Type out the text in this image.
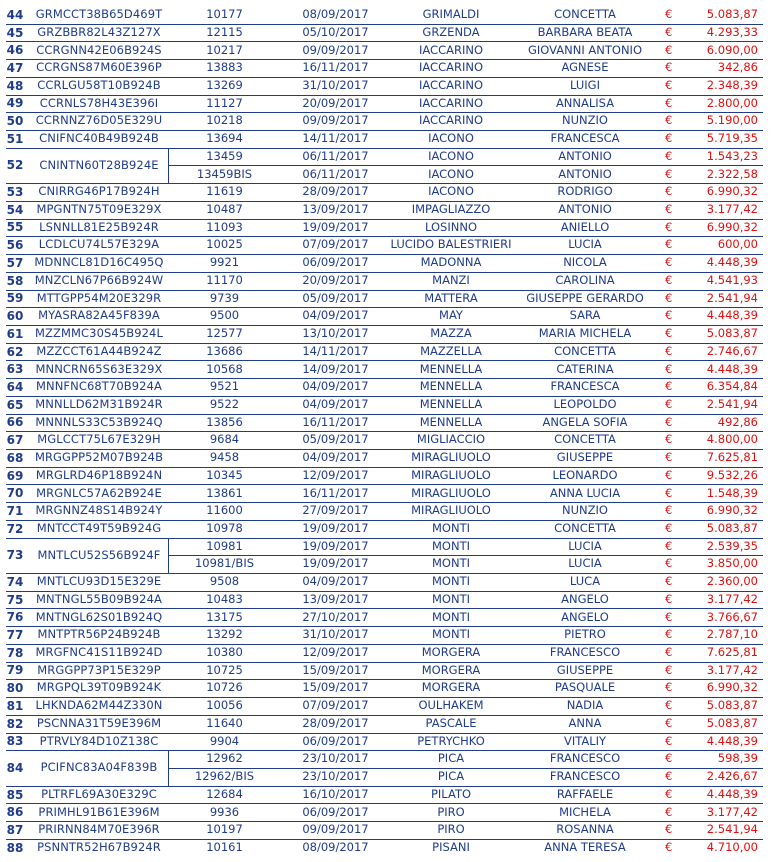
44	GRMCCT38B65D469T	10177	08/09/2017	GRIMALDI	CONCETTA	€	5.083,87
45	GRZBBR82L43Z127X	12115	05/10/2017	GRZENDA	BARBARA BEATA	€	4.293,33
46	CCRGNN42E06B924S	10217	09/09/2017	IACCARINO	GIOVANNI ANTONIO	€	6.090,00
47	CCRGNS87M60E396P	13883	16/11/2017	IACCARINO	AGNESE	€	342,86
48	CCRLGU58T10B924B	13269	31/10/2017	IACCARINO	LUIGI	€	2.348,39
49	CCRNLS78H43E396I	11127	20/09/2017	IACCARINO	ANNALISA	€	2.800,00
50	CCRNNZ76D05E329U	10218	09/09/2017	IACCARINO	NUNZIO	€	5.190,00
51	CNIFNC40B49B924B	13694	14/11/2017	IACONO	FRANCESCA	€	5.719,35
52	CNINTN60T28B924E
13459	06/11/2017	IACONO	ANTONIO	€	1.543,23
13459BIS	06/11/2017	IACONO	ANTONIO	€	2.322,58
53	CNIRRG46P17B924H	11619	28/09/2017	IACONO	RODRIGO	€	6.990,32
54	MPGNTN75T09E329X	10487	13/09/2017	IMPAGLIAZZO	ANTONIO	€	3.177,42
55	LSNNLL81E25B924R	11093	19/09/2017	LOSINNO	ANIELLO	€	6.990,32
56	LCDLCU74L57E329A	10025	07/09/2017	LUCIDO BALESTRIERI	LUCIA	€	600,00
57 MDNNCL81D16C495Q	9921	06/09/2017	MADONNA	NICOLA	€	4.448,39
58 MNZCLN67P66B924W	11170	20/09/2017	MANZI	CAROLINA	€	4.541,93
59	MTTGPP54M20E329R	9739	05/09/2017	MATTERA	GIUSEPPE GERARDO	€	2.541,94
60	MYASRA82A45F839A	9500	04/09/2017	MAY	SARA	€	4.448,39
61	MZZMMC30S45B924L	12577	13/10/2017	MAZZA	MARIA MICHELA	€	5.083,87
62	MZZCCT61A44B924Z	13686	14/11/2017	MAZZELLA	CONCETTA	€	2.746,67
63	MNNCRN65S63E329X	10568	14/09/2017	MENNELLA	CATERINA	€	4.448,39
64	MNNFNC68T70B924A	9521	04/09/2017	MENNELLA	FRANCESCA	€	6.354,84
65	MNNLLD62M31B924R	9522	04/09/2017	MENNELLA	LEOPOLDO	€	2.541,94
66	MNNNLS33C53B924Q	13856	16/11/2017	MENNELLA	ANGELA SOFIA	€	492,86
67	MGLCCT75L67E329H	9684	05/09/2017	MIGLIACCIO	CONCETTA	€	4.800,00
68	MRGGPP52M07B924B	9458	04/09/2017	MIRAGLIUOLO	GIUSEPPE	€	7.625,81
69	MRGLRD46P18B924N	10345	12/09/2017	MIRAGLIUOLO	LEONARDO	€	9.532,26
70	MRGNLC57A62B924E	13861	16/11/2017	MIRAGLIUOLO	ANNA LUCIA	€	1.548,39
71	MRGNNZ48S14B924Y	11600	27/09/2017	MIRAGLIUOLO	NUNZIO	€	6.990,32
72	MNTCCT49T59B924G	10978	19/09/2017	MONTI	CONCETTA	€	5.083,87
73	MNTLCU52S56B924F
10981	19/09/2017	MONTI	LUCIA	€	2.539,35
10981/BIS	19/09/2017	MONTI	LUCIA	€	3.850,00
74	MNTLCU93D15E329E	9508	04/09/2017	MONTI	LUCA	€	2.360,00
75	MNTNGL55B09B924A	10483	13/09/2017	MONTI	ANGELO	€	3.177,42
76	MNTNGL62S01B924Q	13175	27/10/2017	MONTI	ANGELO	€	3.766,67
77	MNTPTR56P24B924B	13292	31/10/2017	MONTI	PIETRO	€	2.787,10
78	MRGFNC41S11B924D	10380	12/09/2017	MORGERA	FRANCESCO	€	7.625,81
79	MRGGPP73P15E329P	10725	15/09/2017	MORGERA	GIUSEPPE	€	3.177,42
80	MRGPQL39T09B924K	10726	15/09/2017	MORGERA	PASQUALE	€	6.990,32
81	LHKNDA62M44Z330N	10056	07/09/2017	OULHAKEM	NADIA	€	5.083,87
82	PSCNNA31T59E396M	11640	28/09/2017	PASCALE	ANNA	€	5.083,87
83	PTRVLY84D10Z138C	9904	06/09/2017	PETRYCHKO	VITALIY	€	4.448,39
84	PCIFNC83A04F839B
12962	23/10/2017	PICA	FRANCESCO	€	598,39
12962/BIS	23/10/2017	PICA	FRANCESCO	€	2.426,67
85	PLTRFL69A30E329C	12684	16/10/2017	PILATO	RAFFAELE	€	4.448,39
86	PRIMHL91B61E396M	9936	06/09/2017	PIRO	MICHELA	€	3.177,42
87	PRIRNN84M70E396R	10197	09/09/2017	PIRO	ROSANNA	€	2.541,94
88	PSNNTR52H67B924R	10161	08/09/2017	PISANI	ANNA TERESA	€	4.710,00
